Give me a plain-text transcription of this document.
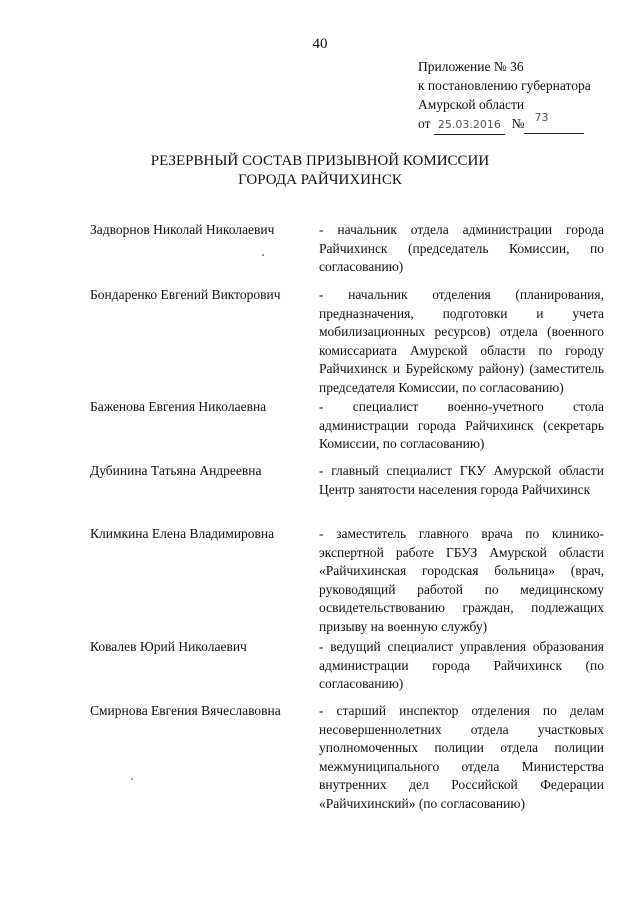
40
Приложение № 36
к постановлению губернатора
Амурской области
от 25.03.2016 № 73

РЕЗЕРВНЫЙ СОСТАВ ПРИЗЫВНОЙ КОМИССИИ
ГОРОДА РАЙЧИХИНСК
Задворнов Николай Николаевич	- начальник отдела администрации города Райчихинск (председатель Комиссии, по согласованию)
Бондаренко Евгений Викторович	- начальник отделения (планирования, предназначения, подготовки и учета мобилизационных ресурсов) отдела (военного комиссариата Амурской области по городу Райчихинск и Бурейскому району) (заместитель председателя Комиссии, по согласованию)
Баженова Евгения Николаевна	- специалист военно-учетного стола администрации города Райчихинск (секретарь Комиссии, по согласованию)
Дубинина Татьяна Андреевна	- главный специалист ГКУ Амурской области Центр занятости населения города Райчихинск
Климкина Елена Владимировна	- заместитель главного врача по клинико-экспертной работе ГБУЗ Амурской области «Райчихинская городская больница» (врач, руководящий работой по медицинскому освидетельствованию граждан, подлежащих призыву на военную службу)
Ковалев Юрий Николаевич	- ведущий специалист управления образования администрации города Райчихинск (по согласованию)
Смирнова Евгения Вячеславовна	- старший инспектор отделения по делам несовершеннолетних отдела участковых уполномоченных полиции отдела полиции межмуниципального отдела Министерства внутренних дел Российской Федерации «Райчихинский» (по согласованию)
